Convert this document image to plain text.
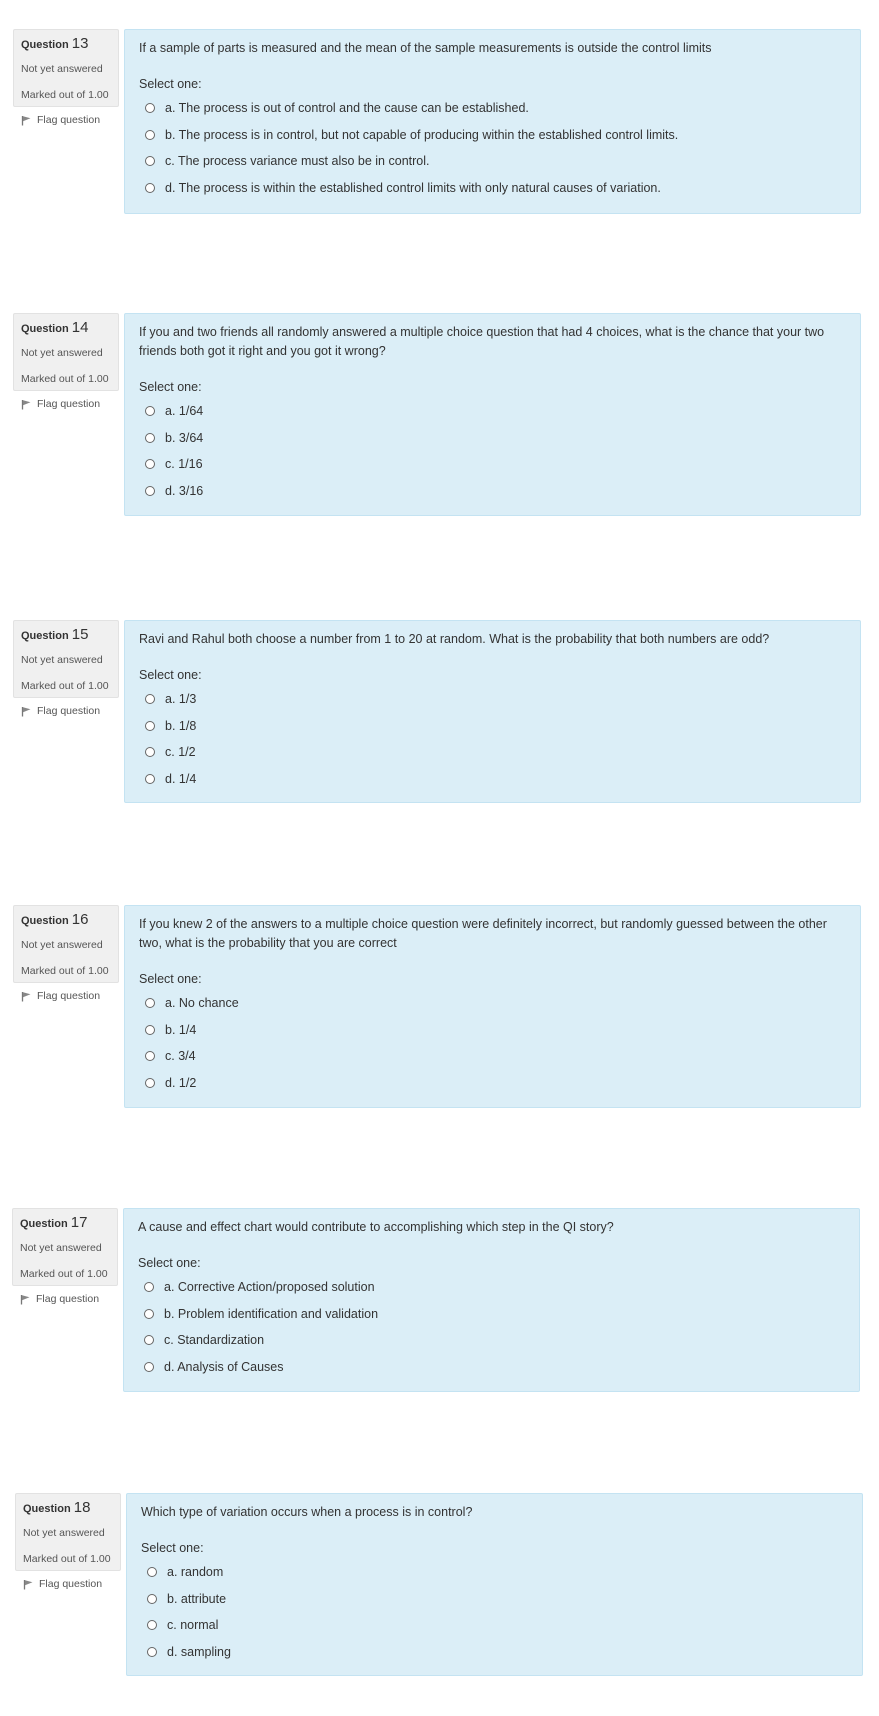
Question 13
Not yet answered
Marked out of 1.00
Flag question
If a sample of parts is measured and the mean of the sample measurements is outside the control limits
Select one:
a. The process is out of control and the cause can be established.
b. The process is in control, but not capable of producing within the established control limits.
c. The process variance must also be in control.
d. The process is within the established control limits with only natural causes of variation.
Question 14
Not yet answered
Marked out of 1.00
Flag question
If you and two friends all randomly answered a multiple choice question that had 4 choices, what is the chance that your two friends both got it right and you got it wrong?
Select one:
a. 1/64
b. 3/64
c. 1/16
d. 3/16
Question 15
Not yet answered
Marked out of 1.00
Flag question
Ravi and Rahul both choose a number from 1 to 20 at random. What is the probability that both numbers are odd?
Select one:
a. 1/3
b. 1/8
c. 1/2
d. 1/4
Question 16
Not yet answered
Marked out of 1.00
Flag question
If you knew 2 of the answers to a multiple choice question were definitely incorrect, but randomly guessed between the other two, what is the probability that you are correct
Select one:
a. No chance
b. 1/4
c. 3/4
d. 1/2
Question 17
Not yet answered
Marked out of 1.00
Flag question
A cause and effect chart would contribute to accomplishing which step in the QI story?
Select one:
a. Corrective Action/proposed solution
b. Problem identification and validation
c. Standardization
d. Analysis of Causes
Question 18
Not yet answered
Marked out of 1.00
Flag question
Which type of variation occurs when a process is in control?
Select one:
a. random
b. attribute
c. normal
d. sampling
